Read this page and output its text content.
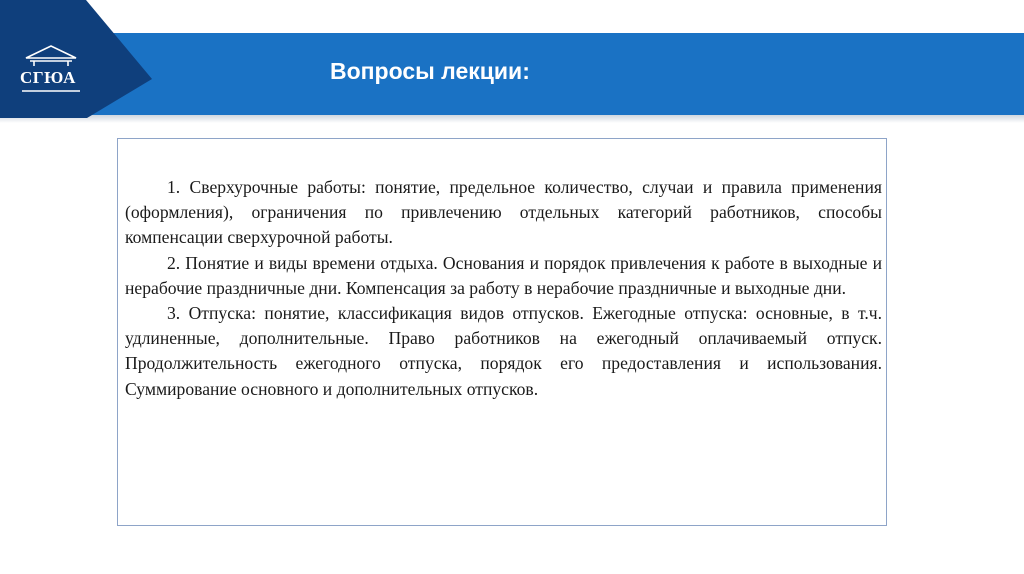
СГЮА	Вопросы лекции:

1. Сверхурочные работы: понятие, предельное количество, случаи и правила применения (оформления), ограничения по привлечению отдельных категорий работников, способы компенсации сверхурочной работы.

2. Понятие и виды времени отдыха. Основания и порядок привлечения к работе в выходные и нерабочие праздничные дни. Компенсация за работу в нерабочие праздничные и выходные дни.

3. Отпуска: понятие, классификация видов отпусков. Ежегодные отпуска: основные, в т.ч. удлиненные, дополнительные. Право работников на ежегодный оплачиваемый отпуск. Продолжительность ежегодного отпуска, порядок его предоставления и использования. Суммирование основного и дополнительных отпусков.
